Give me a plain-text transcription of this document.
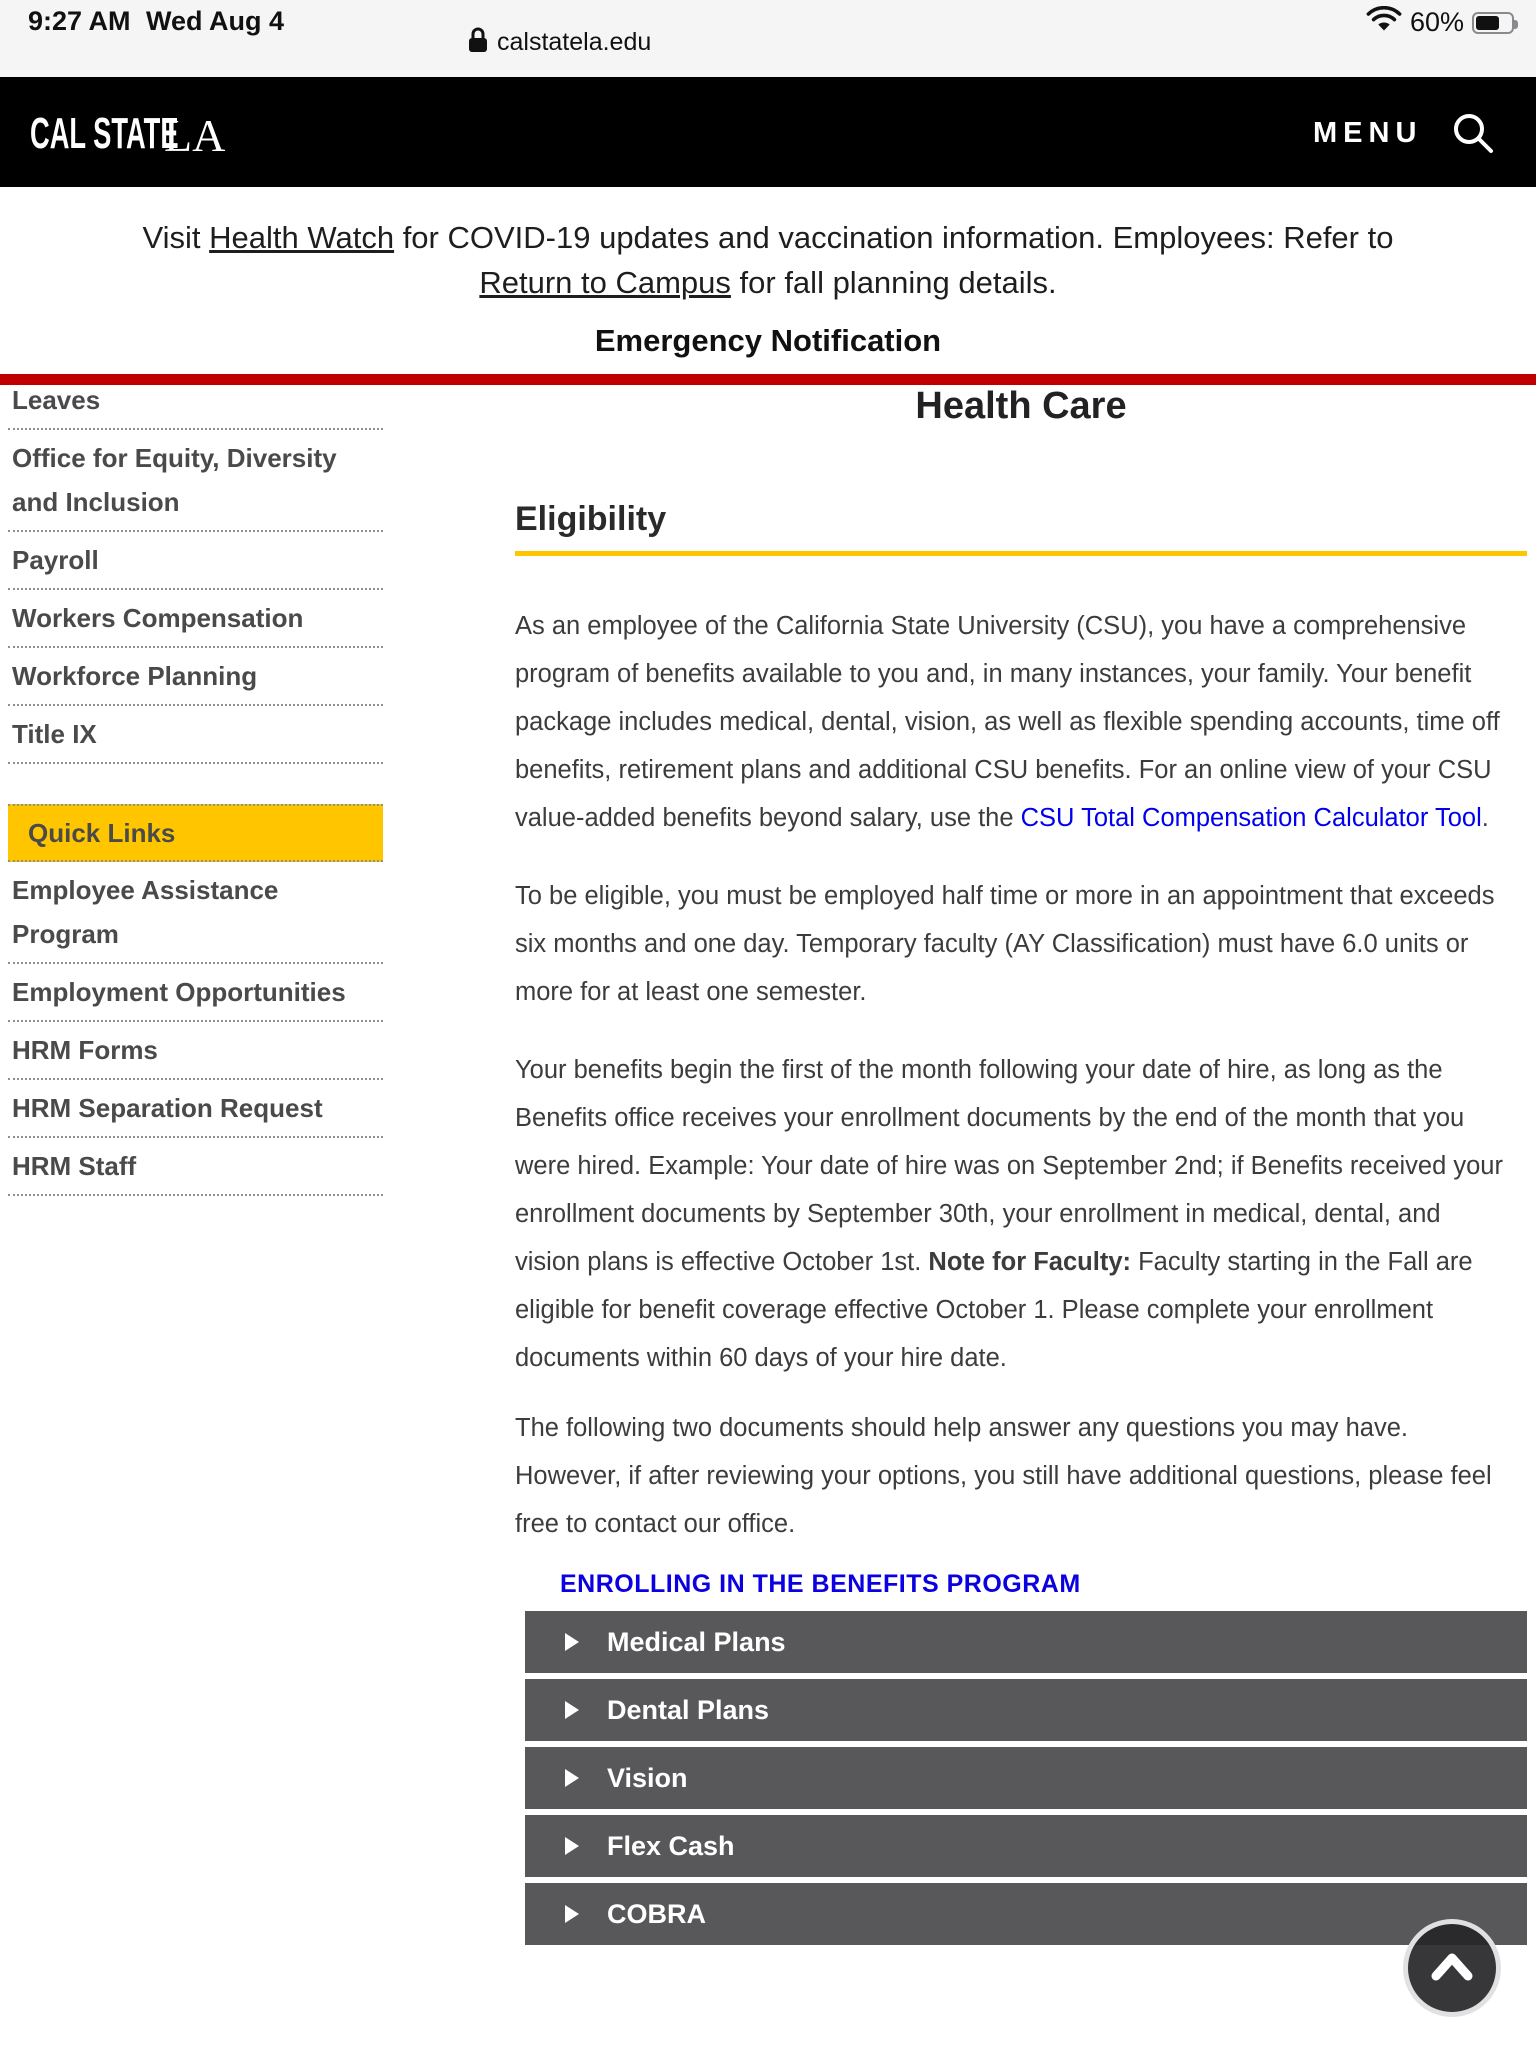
9:27 AM Wed Aug 4	60%
calstatela.edu
CAL STATE
LA	MENU
Visit Health Watch for COVID-19 updates and vaccination information. Employees: Refer to
Return to Campus for fall planning details.
Emergency Notification
Leaves
Office for Equity, Diversity and Inclusion
Payroll
Workers Compensation
Workforce Planning
Title IX
Quick Links
Employee Assistance Program
Employment Opportunities
HRM Forms
HRM Separation Request
HRM Staff
Health Care
Eligibility

As an employee of the California State University (CSU), you have a comprehensive program of benefits available to you and, in many instances, your family. Your benefit package includes medical, dental, vision, as well as flexible spending accounts, time off benefits, retirement plans and additional CSU benefits. For an online view of your CSU value-added benefits beyond salary, use the CSU Total Compensation Calculator Tool.

To be eligible, you must be employed half time or more in an appointment that exceeds six months and one day. Temporary faculty (AY Classification) must have 6.0 units or more for at least one semester.

Your benefits begin the first of the month following your date of hire, as long as the Benefits office receives your enrollment documents by the end of the month that you were hired. Example: Your date of hire was on September 2nd; if Benefits received your enrollment documents by September 30th, your enrollment in medical, dental, and vision plans is effective October 1st. Note for Faculty: Faculty starting in the Fall are eligible for benefit coverage effective October 1. Please complete your enrollment documents within 60 days of your hire date.

The following two documents should help answer any questions you may have. However, if after reviewing your options, you still have additional questions, please feel free to contact our office.

ENROLLING IN THE BENEFITS PROGRAM
Medical Plans
Dental Plans
Vision
Flex Cash
COBRA
